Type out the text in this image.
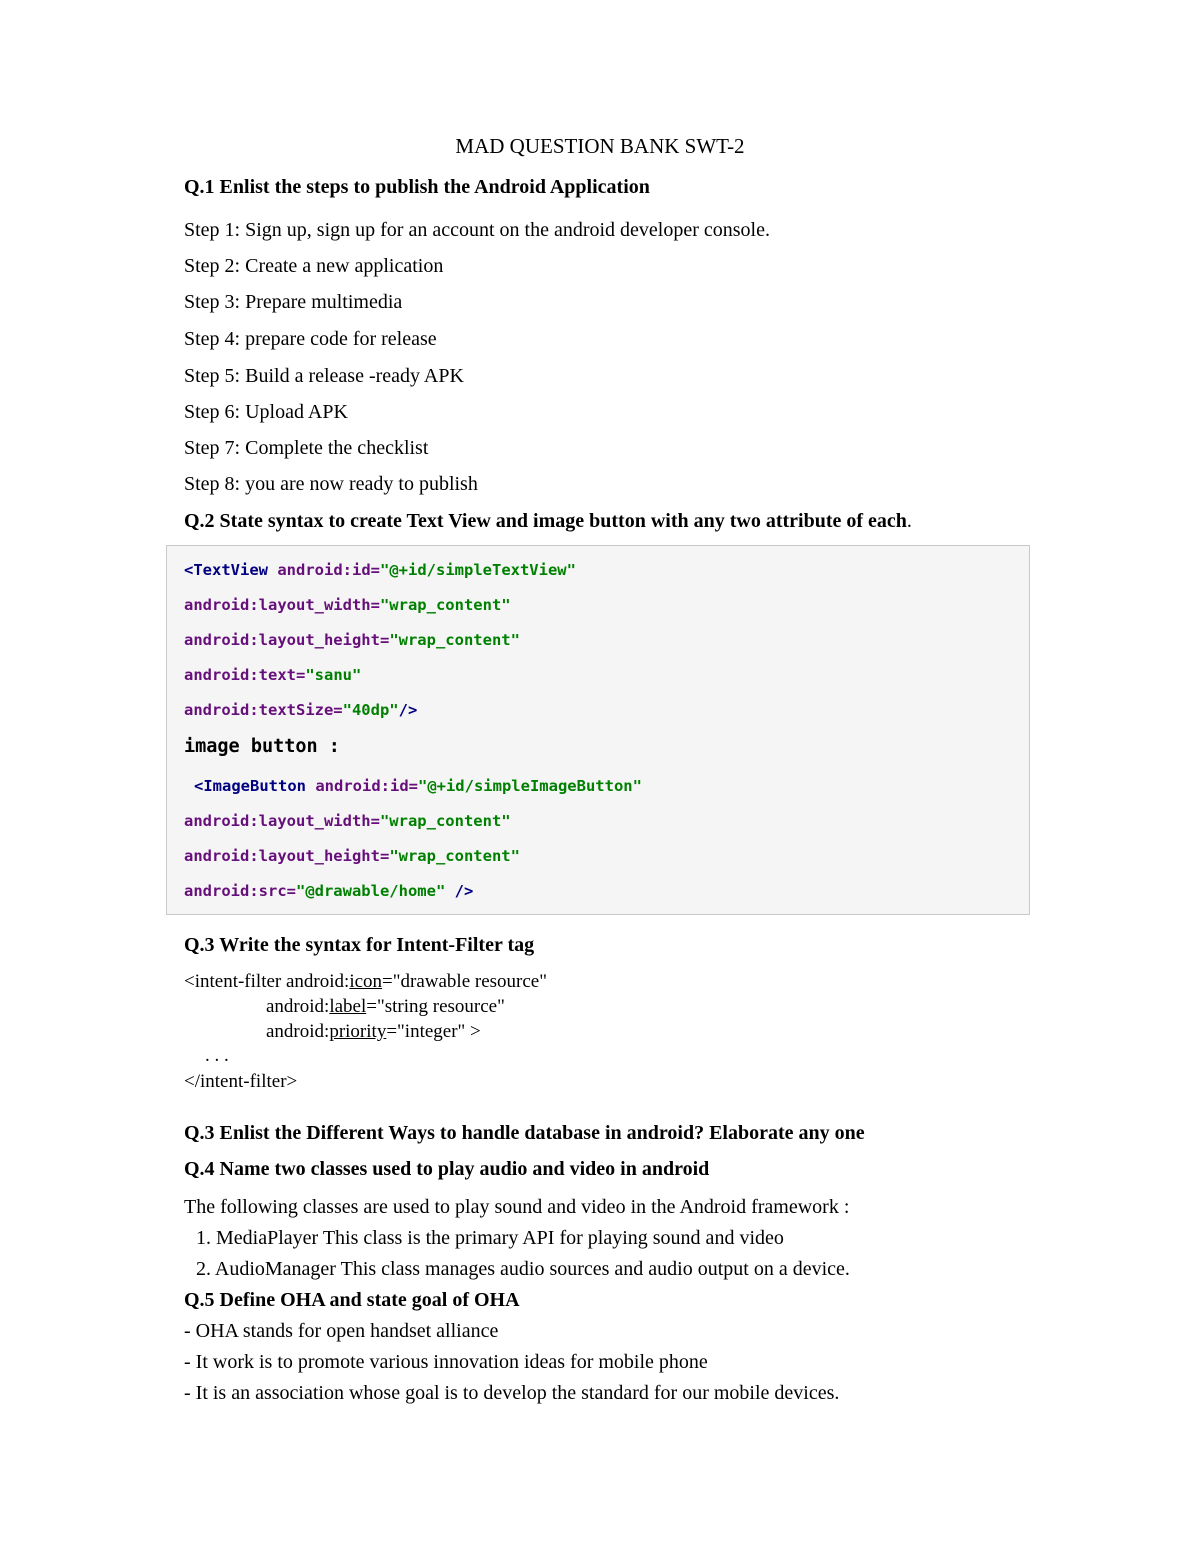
MAD QUESTION BANK SWT-2
Q.1 Enlist the steps to publish the Android Application
Step 1: Sign up, sign up for an account on the android developer console.
Step 2: Create a new application
Step 3: Prepare multimedia
Step 4: prepare code for release
Step 5: Build a release -ready APK
Step 6: Upload APK
Step 7: Complete the checklist
Step 8: you are now ready to publish
Q.2 State syntax to create Text View and image button with any two attribute of each.
<TextView android:id="@+id/simpleTextView"
android:layout_width="wrap_content"
android:layout_height="wrap_content"
android:text="sanu"
android:textSize="40dp"/>
image button :
<ImageButton android:id="@+id/simpleImageButton"
android:layout_width="wrap_content"
android:layout_height="wrap_content"
android:src="@drawable/home" />
Q.3 Write the syntax for Intent-Filter tag
<intent-filter android:icon="drawable resource"
android:label="string resource"
android:priority="integer" >
. . .
</intent-filter>
Q.3 Enlist the Different Ways to handle database in android? Elaborate any one
Q.4 Name two classes used to play audio and video in android
The following classes are used to play sound and video in the Android framework :
1. MediaPlayer This class is the primary API for playing sound and video
2. AudioManager This class manages audio sources and audio output on a device.
Q.5 Define OHA and state goal of OHA
- OHA stands for open handset alliance
- It work is to promote various innovation ideas for mobile phone
- It is an association whose goal is to develop the standard for our mobile devices.
